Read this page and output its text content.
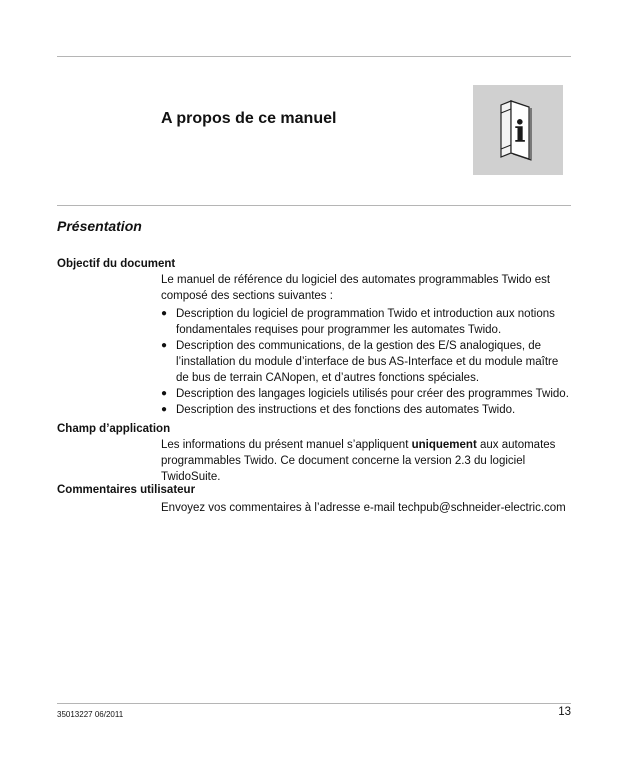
A propos de ce manuel	i
Présentation
Objectif du document

Le manuel de référence du logiciel des automates programmables Twido est composé des sections suivantes :

● Description du logiciel de programmation Twido et introduction aux notions fondamentales requises pour programmer les automates Twido.
● Description des communications, de la gestion des E/S analogiques, de l’installation du module d’interface de bus AS-Interface et du module maître de bus de terrain CANopen, et d’autres fonctions spéciales.
● Description des langages logiciels utilisés pour créer des programmes Twido.
● Description des instructions et des fonctions des automates Twido.
Champ d’application

Les informations du présent manuel s’appliquent uniquement aux automates programmables Twido. Ce document concerne la version 2.3 du logiciel TwidoSuite.

Commentaires utilisateur

Envoyez vos commentaires à l’adresse e-mail techpub@schneider-electric.com

35013227 06/2011	13
